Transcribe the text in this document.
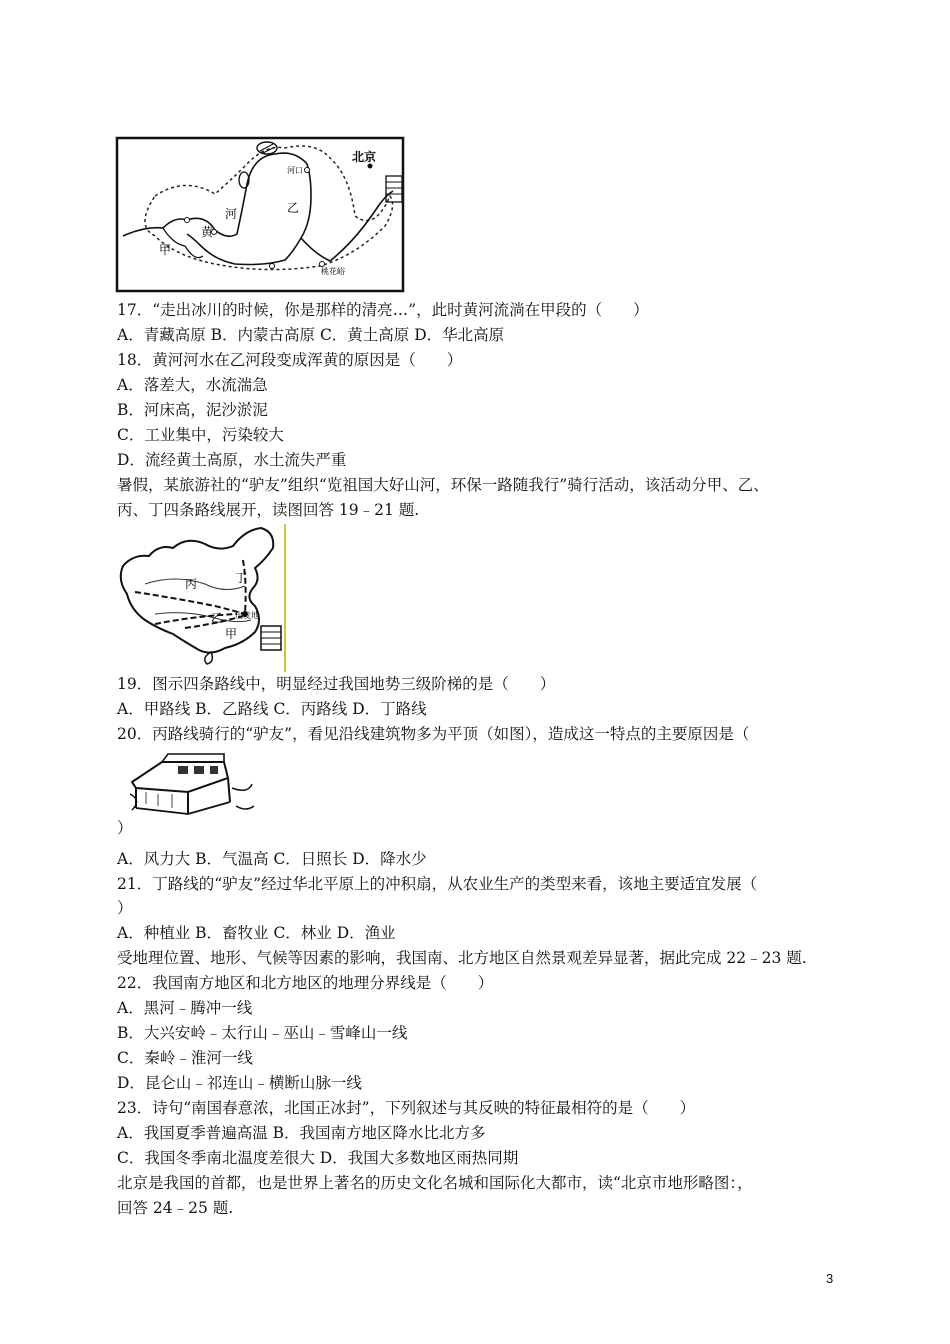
北京
河口
河
黄
甲
乙
桃花峪
17．“走出冰川的时候，你是那样的清亮…”，此时黄河流淌在甲段的（　　）
A．青藏高原 B．内蒙古高原 C．黄土高原 D．华北高原
18．黄河河水在乙河段变成浑黄的原因是（　　）
A．落差大，水流湍急
B．河床高，泥沙淤泥
C．工业集中，污染较大
D．流经黄土高原，水土流失严重
暑假，某旅游社的“驴友”组织“览祖国大好山河，环保一路随我行”骑行活动，该活动分甲、乙、
丙、丁四条路线展开，读图回答 19﹣21 题.
丙	丁
乙
甲
出发地
19．图示四条路线中，明显经过我国地势三级阶梯的是（　　）
A．甲路线 B．乙路线 C．丙路线 D．丁路线
20．丙路线骑行的“驴友”，看见沿线建筑物多为平顶（如图），造成这一特点的主要原因是（
）
A．风力大 B．气温高 C．日照长 D．降水少
21．丁路线的“驴友”经过华北平原上的冲积扇，从农业生产的类型来看，该地主要适宜发展（
）
A．种植业 B．畜牧业 C．林业 D．渔业
受地理位置、地形、气候等因素的影响，我国南、北方地区自然景观差异显著，据此完成 22﹣23 题.
22．我国南方地区和北方地区的地理分界线是（　　）
A．黑河﹣腾冲一线
B．大兴安岭﹣太行山﹣巫山﹣雪峰山一线
C．秦岭﹣淮河一线
D．昆仑山﹣祁连山﹣横断山脉一线
23．诗句“南国春意浓，北国正冰封”，下列叙述与其反映的特征最相符的是（　　）
A．我国夏季普遍高温 B．我国南方地区降水比北方多
C．我国冬季南北温度差很大 D．我国大多数地区雨热同期
北京是我国的首都，也是世界上著名的历史文化名城和国际化大都市，读“北京市地形略图：，
回答 24﹣25 题.
3
